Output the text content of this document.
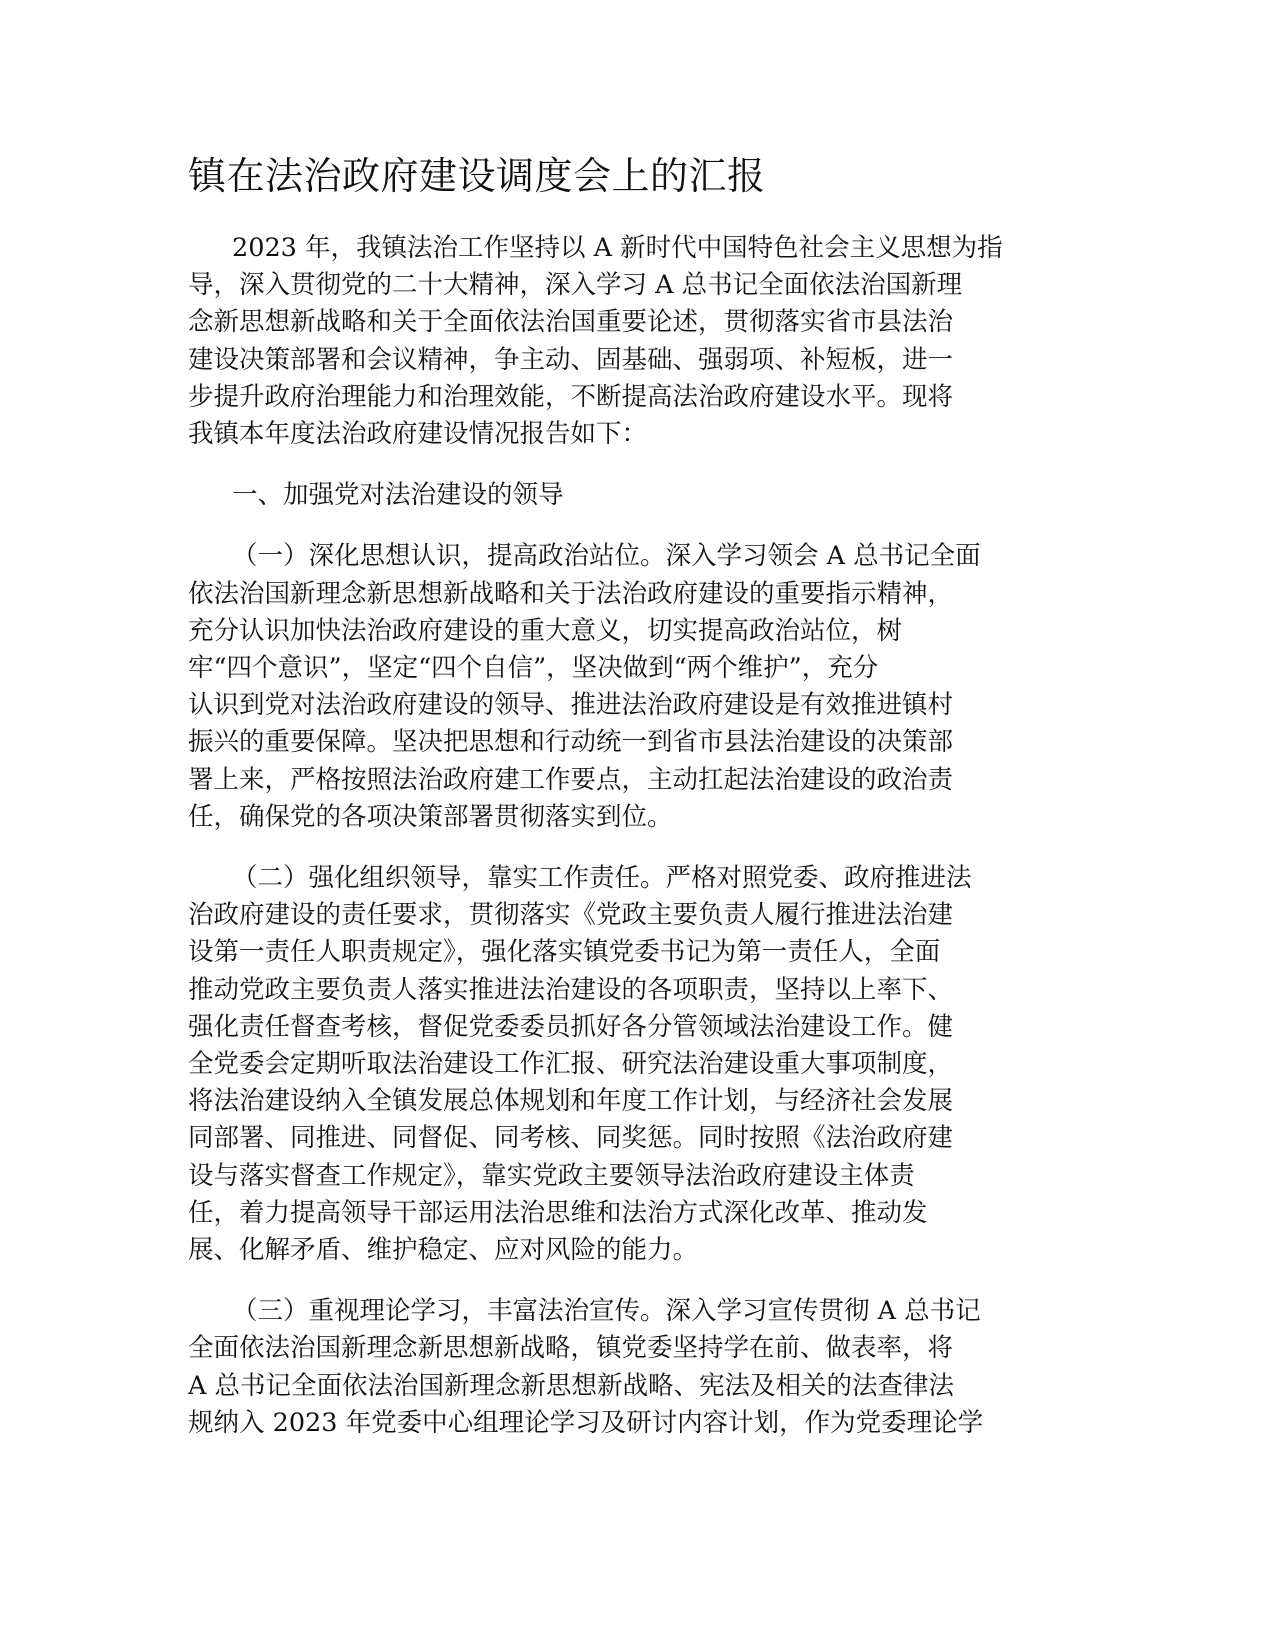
镇在法治政府建设调度会上的汇报
2023 年，我镇法治工作坚持以 A 新时代中国特色社会主义思想为指
导，深入贯彻党的二十大精神，深入学习 A 总书记全面依法治国新理
念新思想新战略和关于全面依法治国重要论述，贯彻落实省市县法治
建设决策部署和会议精神，争主动、固基础、强弱项、补短板，进一
步提升政府治理能力和治理效能，不断提高法治政府建设水平。现将
我镇本年度法治政府建设情况报告如下：
一、加强党对法治建设的领导
（一）深化思想认识，提高政治站位。深入学习领会 A 总书记全面
依法治国新理念新思想新战略和关于法治政府建设的重要指示精神，
充分认识加快法治政府建设的重大意义，切实提高政治站位，树
牢“四个意识”，坚定“四个自信”，坚决做到“两个维护”，充分
认识到党对法治政府建设的领导、推进法治政府建设是有效推进镇村
振兴的重要保障。坚决把思想和行动统一到省市县法治建设的决策部
署上来，严格按照法治政府建工作要点，主动扛起法治建设的政治责
任，确保党的各项决策部署贯彻落实到位。
（二）强化组织领导，靠实工作责任。严格对照党委、政府推进法
治政府建设的责任要求，贯彻落实《党政主要负责人履行推进法治建
设第一责任人职责规定》，强化落实镇党委书记为第一责任人，全面
推动党政主要负责人落实推进法治建设的各项职责，坚持以上率下、
强化责任督查考核，督促党委委员抓好各分管领域法治建设工作。健
全党委会定期听取法治建设工作汇报、研究法治建设重大事项制度，
将法治建设纳入全镇发展总体规划和年度工作计划，与经济社会发展
同部署、同推进、同督促、同考核、同奖惩。同时按照《法治政府建
设与落实督查工作规定》，靠实党政主要领导法治政府建设主体责
任，着力提高领导干部运用法治思维和法治方式深化改革、推动发
展、化解矛盾、维护稳定、应对风险的能力。
（三）重视理论学习，丰富法治宣传。深入学习宣传贯彻 A 总书记
全面依法治国新理念新思想新战略，镇党委坚持学在前、做表率，将
A 总书记全面依法治国新理念新思想新战略、宪法及相关的法查律法
规纳入 2023 年党委中心组理论学习及研讨内容计划，作为党委理论学
